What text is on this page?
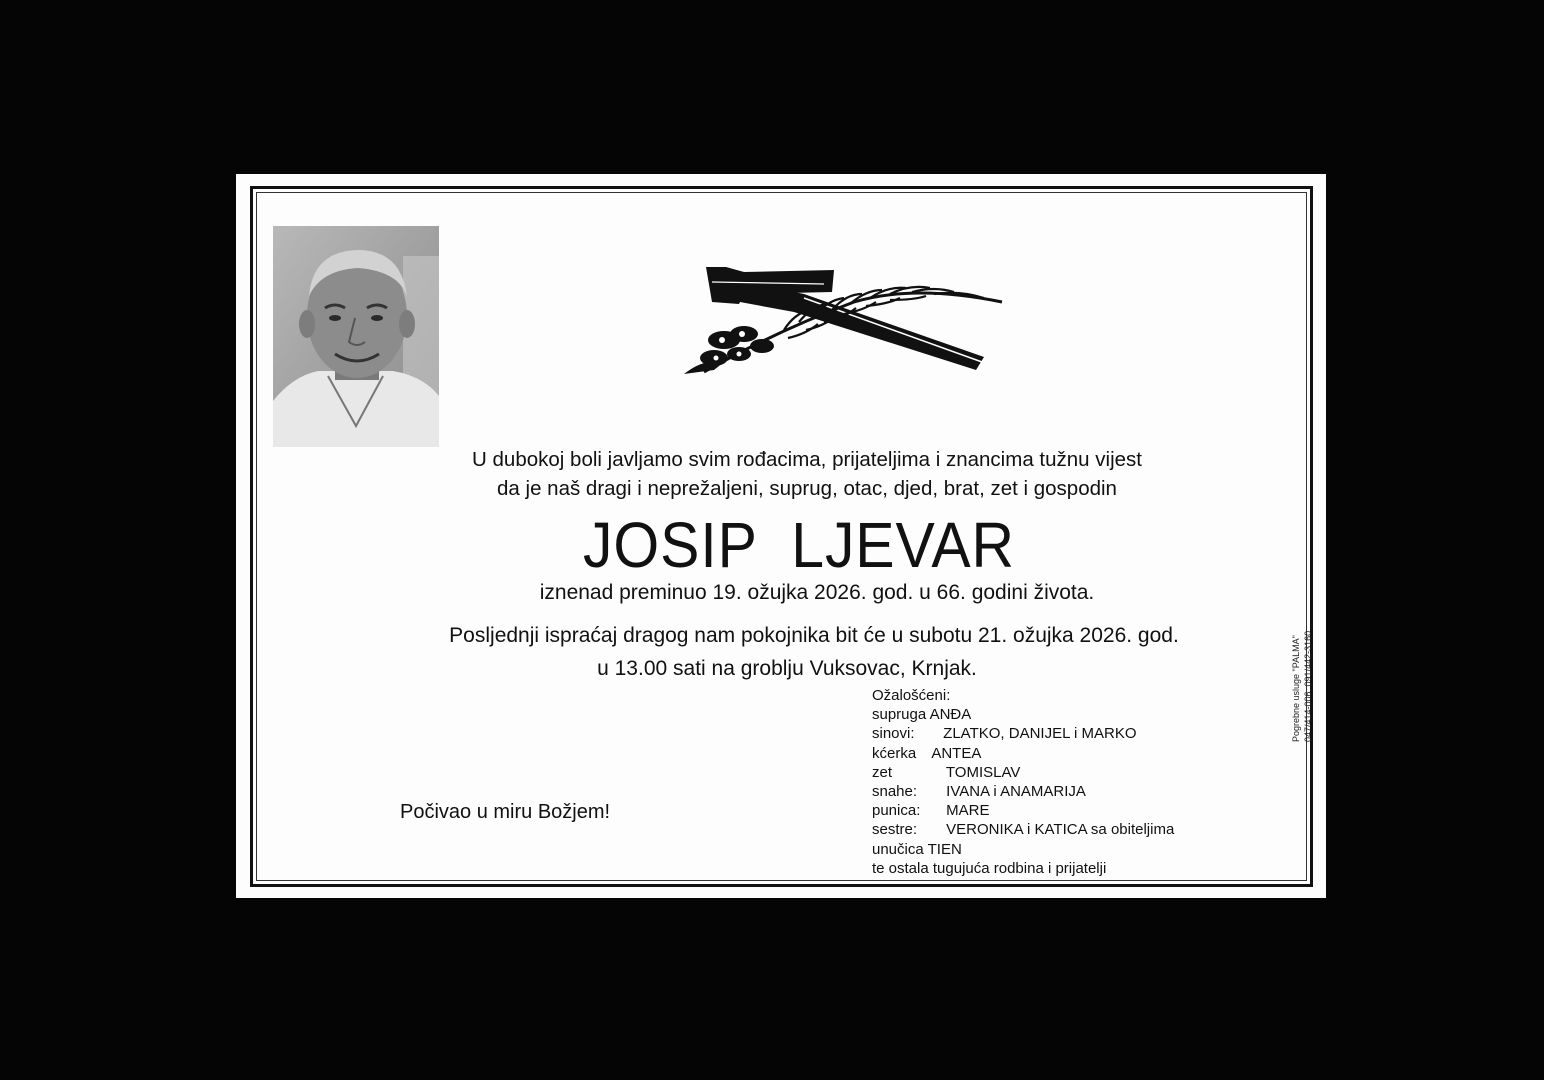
U dubokoj boli javljamo svim rođacima, prijateljima i znancima tužnu vijest
da je naš dragi i neprežaljeni, suprug, otac, djed, brat, zet i gospodin
JOSIP  LJEVAR
iznenad preminuo 19. ožujka 2026. god. u 66. godini života.
Posljednji ispraćaj dragog nam pokojnika bit će u subotu 21. ožujka 2026. god.
u 13.00 sati na groblju Vuksovac, Krnjak.
Počivao u miru Božjem!
Ožalošćeni:
supruga ANĐA
sinovi: ZLATKO, DANIJEL i MARKO
kćerka ANTEA
zet	TOMISLAV
snahe: IVANA i ANAMARIJA
punica: MARE
sestre: VERONIKA i KATICA sa obiteljima
unučica TIEN
te ostala tugujuća rodbina i prijatelji
Pogrebne usluge "PALMA" 047/414-006, 091/442-3160
